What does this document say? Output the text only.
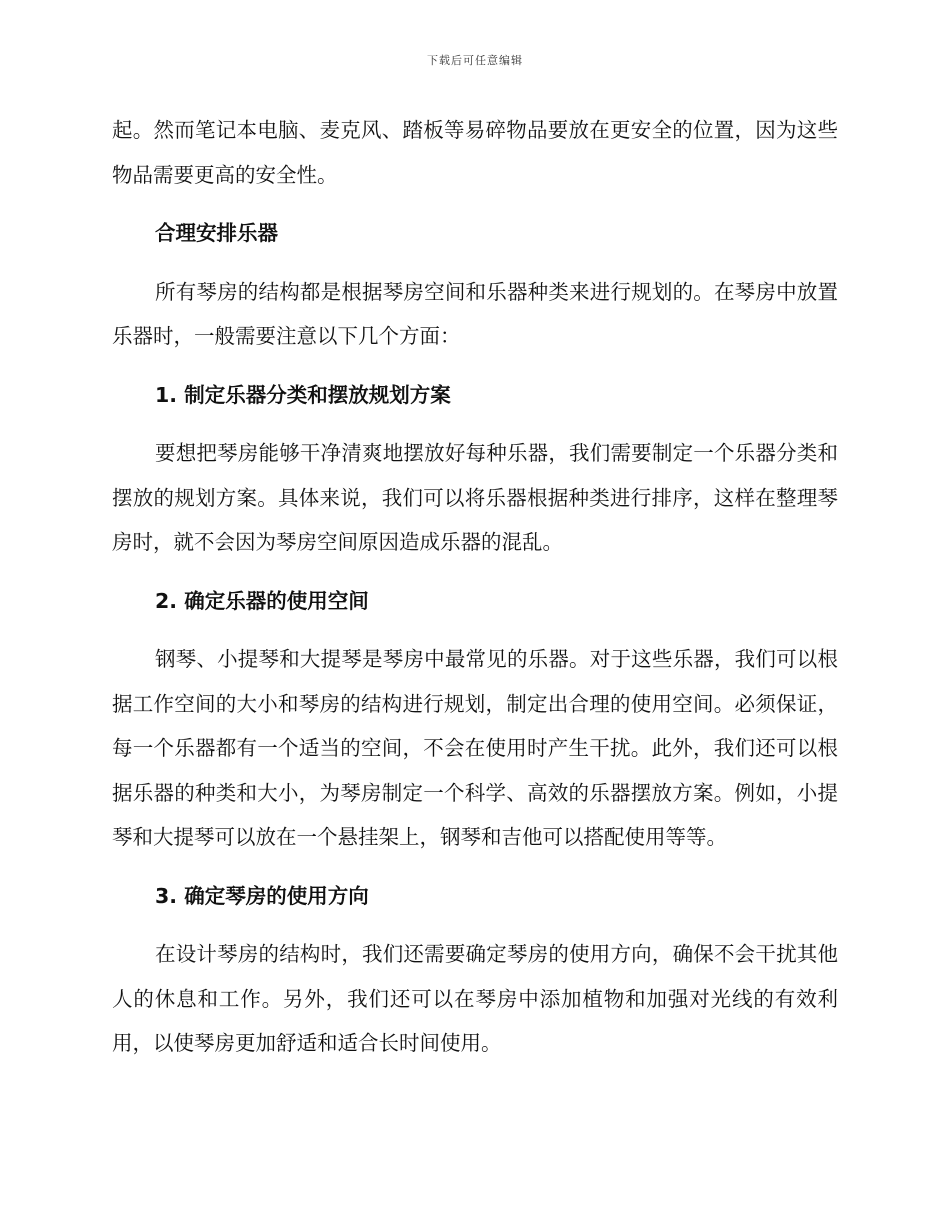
下载后可任意编辑

起。然而笔记本电脑、麦克风、踏板等易碎物品要放在更安全的位置，因为这些物品需要更高的安全性。

合理安排乐器

所有琴房的结构都是根据琴房空间和乐器种类来进行规划的。在琴房中放置乐器时，一般需要注意以下几个方面：

1. 制定乐器分类和摆放规划方案

要想把琴房能够干净清爽地摆放好每种乐器，我们需要制定一个乐器分类和摆放的规划方案。具体来说，我们可以将乐器根据种类进行排序，这样在整理琴房时，就不会因为琴房空间原因造成乐器的混乱。

2. 确定乐器的使用空间

钢琴、小提琴和大提琴是琴房中最常见的乐器。对于这些乐器，我们可以根据工作空间的大小和琴房的结构进行规划，制定出合理的使用空间。必须保证，每一个乐器都有一个适当的空间，不会在使用时产生干扰。此外，我们还可以根据乐器的种类和大小，为琴房制定一个科学、高效的乐器摆放方案。例如，小提琴和大提琴可以放在一个悬挂架上，钢琴和吉他可以搭配使用等等。

3. 确定琴房的使用方向

在设计琴房的结构时，我们还需要确定琴房的使用方向，确保不会干扰其他人的休息和工作。另外，我们还可以在琴房中添加植物和加强对光线的有效利用，以使琴房更加舒适和适合长时间使用。
